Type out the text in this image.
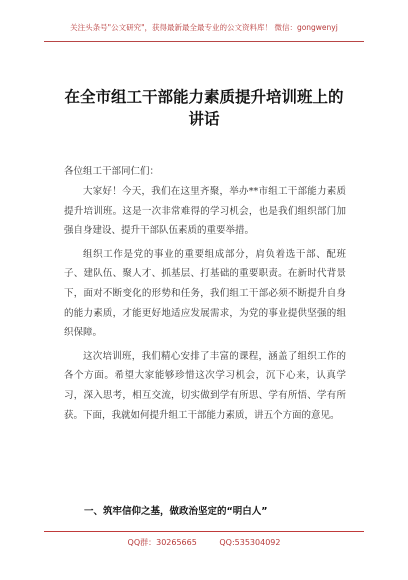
关注头条号"公文研究"，获得最新最全最专业的公文资料库！ 微信：gongwenyj
在全市组工干部能力素质提升培训班上的
讲话

各位组工干部同仁们：

大家好！今天，我们在这里齐聚，举办**市组工干部能力素质提升培训班。这是一次非常难得的学习机会，也是我们组织部门加强自身建设、提升干部队伍素质的重要举措。

组织工作是党的事业的重要组成部分，肩负着选干部、配班子、建队伍、聚人才、抓基层、打基础的重要职责。在新时代背景下，面对不断变化的形势和任务，我们组工干部必须不断提升自身的能力素质，才能更好地适应发展需求，为党的事业提供坚强的组织保障。

这次培训班，我们精心安排了丰富的课程，涵盖了组织工作的各个方面。希望大家能够珍惜这次学习机会，沉下心来，认真学习，深入思考，相互交流，切实做到学有所思、学有所悟、学有所获。下面，我就如何提升组工干部能力素质，讲五个方面的意见。

一、筑牢信仰之基，做政治坚定的“明白人”

QQ群：30265665	QQ:535304092
